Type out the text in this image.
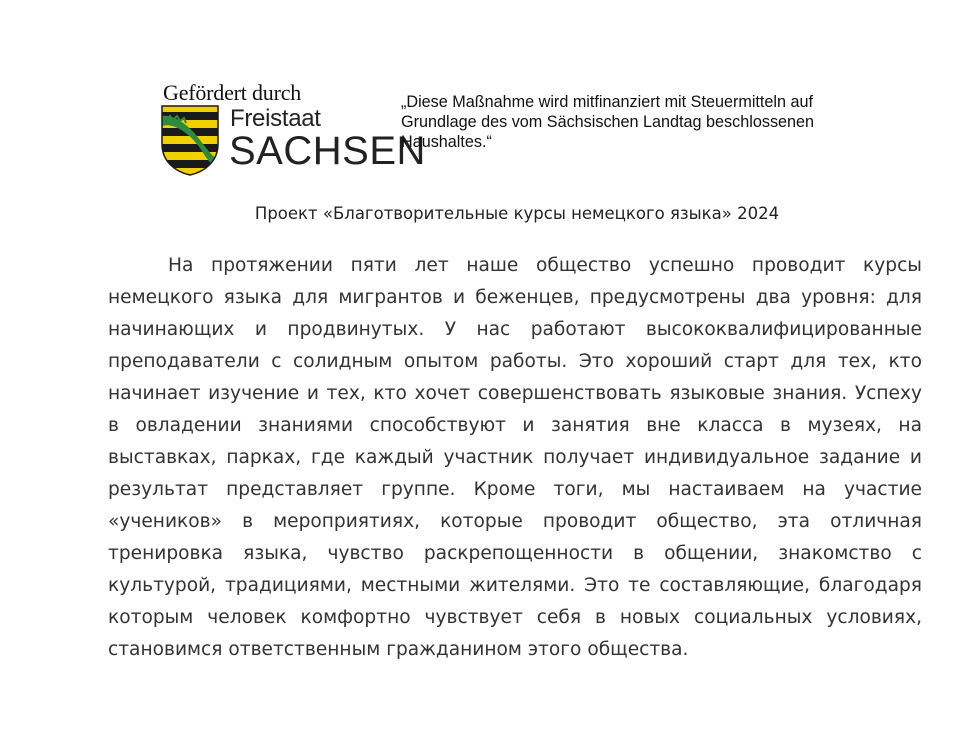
Gefördert durch
Freistaat
SACHSEN
„Diese Maßnahme wird mitfinanziert mit Steuermitteln auf
Grundlage des vom Sächsischen Landtag beschlossenen
Haushaltes.“
Проект «Благотворительные курсы немецкого языка» 2024
На протяжении пяти лет наше общество успешно проводит курсы
немецкого языка для мигрантов и беженцев, предусмотрены два уровня: для
начинающих и продвинутых. У нас работают высококвалифицированные
преподаватели с солидным опытом работы. Это хороший старт для тех, кто
начинает изучение и тех, кто хочет совершенствовать языковые знания. Успеху
в овладении знаниями способствуют и занятия вне класса в музеях, на
выставках, парках, где каждый участник получает индивидуальное задание и
результат представляет группе. Кроме тоги, мы настаиваем на участие
«учеников» в мероприятиях, которые проводит общество, эта отличная
тренировка языка, чувство раскрепощенности в общении, знакомство с
культурой, традициями, местными жителями. Это те составляющие, благодаря
которым человек комфортно чувствует себя в новых социальных условиях,
становимся ответственным гражданином этого общества.
